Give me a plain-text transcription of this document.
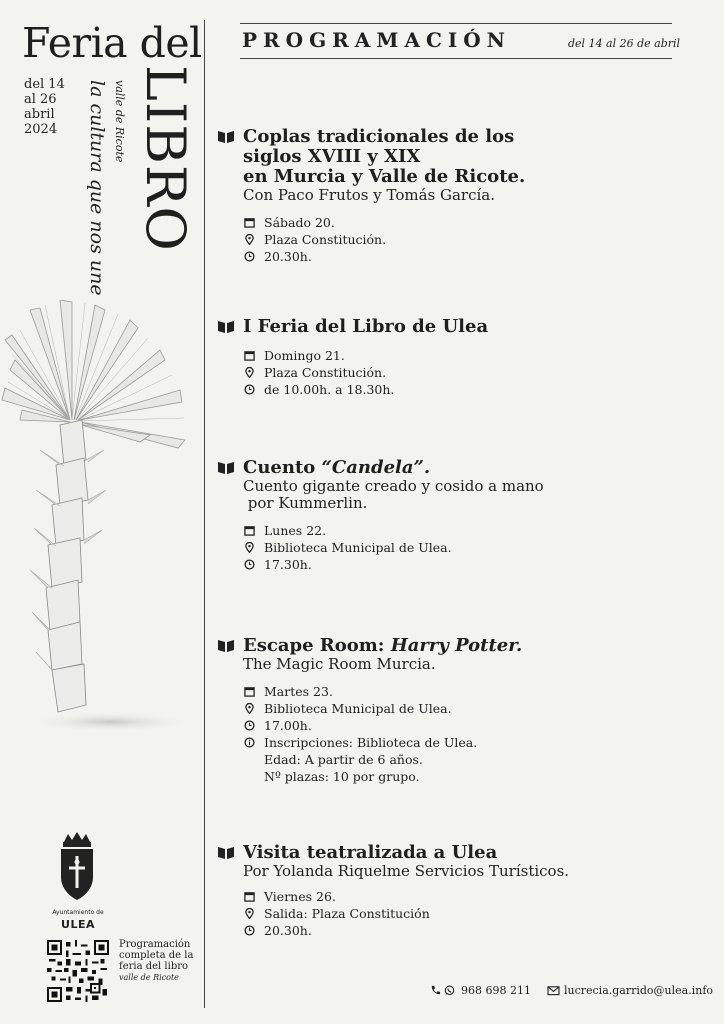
Feria del
del 14
al 26
abril
2024 LIBRO
valle de Ricote
la cultura que nos une
PROGRAMACIÓN	del 14 al 26 de abril
Coplas tradicionales de los
siglos XVIII y XIX
en Murcia y Valle de Ricote.
Con Paco Frutos y Tomás García.
Sábado 20.
Plaza Constitución.
20.30h.
I Feria del Libro de Ulea
Domingo 21.
Plaza Constitución.
de 10.00h. a 18.30h.
Cuento “Candela”.
Cuento gigante creado y cosido a mano
por Kummerlin.
Lunes 22.
Biblioteca Municipal de Ulea.
17.30h.
Escape Room: Harry Potter.
The Magic Room Murcia.
Martes 23.
Biblioteca Municipal de Ulea.
17.00h.
Inscripciones: Biblioteca de Ulea.
Edad: A partir de 6 años.
Nº plazas: 10 por grupo.
Visita teatralizada a Ulea
Por Yolanda Riquelme Servicios Turísticos.
Viernes 26.
Salida: Plaza Constitución
20.30h.
Ayuntamiento de
ULEA
Programación
completa de la
feria del libro
valle de Ricote
968 698 211	lucrecia.garrido@ulea.info
